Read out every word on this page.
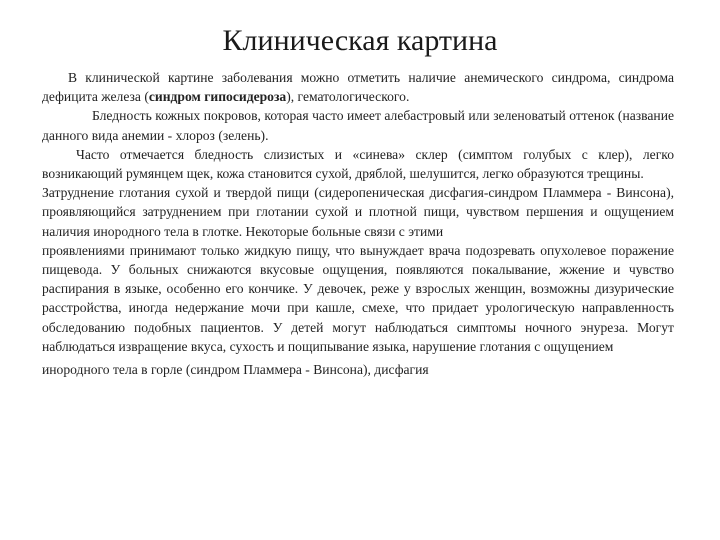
Клиническая картина

В клинической картине заболевания можно отметить наличие анемического синдрома, синдрома дефицита железа (синдром гипосидероза), гематологического.

Бледность кожных покровов, которая часто имеет алебастровый или зеленоватый оттенок (название данного вида анемии - хлороз (зелень).

Часто отмечается бледность слизистых и «синева» склер (симптом голубых с клер), легко возникающий румянцем щек, кожа становится сухой, дряблой, шелушится, легко образуются трещины.

Затруднение глотания сухой и твердой пищи (сидеропеническая дисфагия-синдром Пламмера - Винсона), проявляющийся затруднением при глотании сухой и плотной пищи, чувством першения и ощущением наличия инородного тела в глотке. Некоторые больные связи с этими

проявлениями принимают только жидкую пищу, что вынуждает врача подозревать опухолевое поражение пищевода. У больных снижаются вкусовые ощущения, появляются покалывание, жжение и чувство распирания в языке, особенно его кончике. У девочек, реже у взрослых женщин, возможны дизурические расстройства, иногда недержание мочи при кашле, смехе, что придает урологическую направленность обследованию подобных пациентов. У детей могут наблюдаться симптомы ночного энуреза. Могут наблюдаться извращение вкуса, сухость и пощипывание языка, нарушение глотания с ощущением

инородного тела в горле (синдром Пламмера - Винсона), дисфагия
